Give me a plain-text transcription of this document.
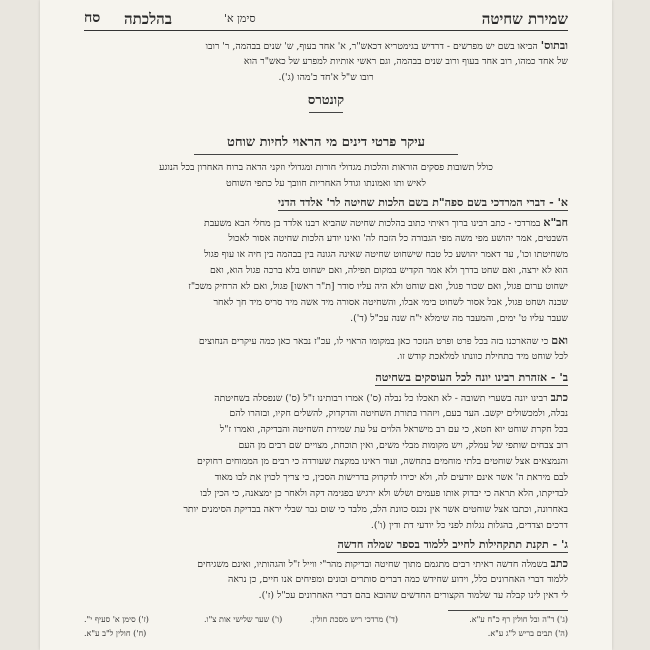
שמירת שחיטה
סימן א'
בהלכתה
סח
ובתוס' הביאו בשם יש מפרשים - דרדיש בגימטריא דכאש"ר, א' אחד בעוף, ש' שנים בבהמה, ר' רובו
של אחד כמהו, רוב אחד בעוף ורוב שנים בבהמה, וגם ראשי אותיות למפרע של כאש"ר הוא
רובו ש"ל א'חד כ'מהו (ג').
קונטרס
עיקר פרטי דינים מי הראוי לחיות שוחט
כולל תשובות פסקים הוראות והלכות מגדולי חורות ומגדולי וזקני הדאה ברוח האחרון בכל הנוגע
לאיש ותו ואמונתו וגודל האחריות חוובך על כתפי השוחט
א' - דברי המרדכי בשם ספה"ת בשם הלכות שחיטה לר' אלדד הדני
חב"א במרדכי - כתב רבינו ברוך ראיתי כתוב בהלכות שחיטה שהביא רבנו אלדד בן מחלי הבא משעבת
השבטים, אמר יהושע מפי משה מפי הגבורה כל הזבח לה' ואינו יודע הלכות שחיטה אסור לאכול
משחיטתו וכו', עד דאמר יהושע כל טבח שישחוט שחיטה שאינה הגונה בין בבהמה בין חיה או עוף פגול
הוא לא ירצה, ואם שחט בדרך ולא אמר הקדיש במקום תפילה, ואם ישחוט בלא ברכה פגול הוא, ואם
ישחוט ערום פגול, ואם שכור פגול, ואם שוחט ולא היה עליו סודר [ת"ר ראשו] פגול, ואם לא הרחיק משכ"ז
שכנה ושחט פגול, אבל אסור לשחוט בימי אבלו, והשחיטה אסורה מיד אשה מיד סריס מיד חך לאחר
שעבר עליו ט' ימים, והמעבר מה שימלא י"ח שנה עכ"ל (ד').
ואם כי שהארכנו בזה בכל פרט ופרט הנזכר כאן במקומו הראוי לו, עכ"ז נבאר כאן כמה עיקרים הנחוצים
לכל שוחט מיד בתחילת כוונתו למלאכת קודש זו.
ב' - אזהרת רבינו יונה לכל העוסקים בשחיטה
כתב רבינו יונה בשערי תשובה - לא תאכלו כל נבלה (ס') אמרו רבותינו ז"ל (ס') שנפסלה בשחיטתה
נבלה, ולמכשולים יקשב. העד בעם, ויזהרו בתורת השחיטה והדקדוק, להשלים חקיו, ובזהרו להם
בכל חקרת שוחט יוא חטא, כי עם רב מישראל הלוים על עת שמירת השחיטה והבדיקה, ואמרו ז"ל
רוב צבחים שותפי של עמלק, ויש מקומות מבלי משים, ואין תוכחת, מצויים שם רבים מן העם
והנמצאים אצל שוחטים בלתי מוחמים בתחשה, ועוד ראינו במקצת שעורדה כי רבים מן הממוחים רחוקים
לבם מיראת ה' אשר אינם יודעים לה, ולא יכירו לדקדוק בדרישות הסכין, כי צריך לכוין את לבו מאוד
לבדיקתו, הלא תראה כי יבדוק אותו פעמים ושלש ולא ירגיש בפגימה דקה ולאחר כן ימצאנה, כי הכין לבו
באחרונה, וכתבו אצל שוחטים אשר אין נכנס כוונת הלב, מלבד כי שום גבר שבלי יראה בבדיקת הסימנים יותר
דרכים וצדדים, בהגלות נגלות לפני כל יודעי דת ודין (ו').
ג' - תקנת תתקהילות לחייב ללמוד בספר שמלה חדשה
כתב בשמלה חדשה ראיתי רבים מתגמם מתוך שחיטה ובדיקות מהר"י ווייל ז"ל והגהותיו, ואינם משגיחים
ללמוד דברי האחרונים כלל, וידוע שחידש כמה דברים סותרים ובונים ומפיחים אנו חיים, כן נראה
לי דאין לינו קבלה עד שלמוד הקצורים החדשים שהובא בהם דברי האחרונים עכ"ל (ז').
(ג') ד"ה ובל חולין רף כ"ח ע"א.
(ד') מרדכי ריש מסכת חולין.
(ה') תבים בריש ל"ג ע"א.
(ו') שער שלישי אות צ"ו.
(ז') סימן א' סעיף י".
(ח') חולין ל"ב ע"א.
